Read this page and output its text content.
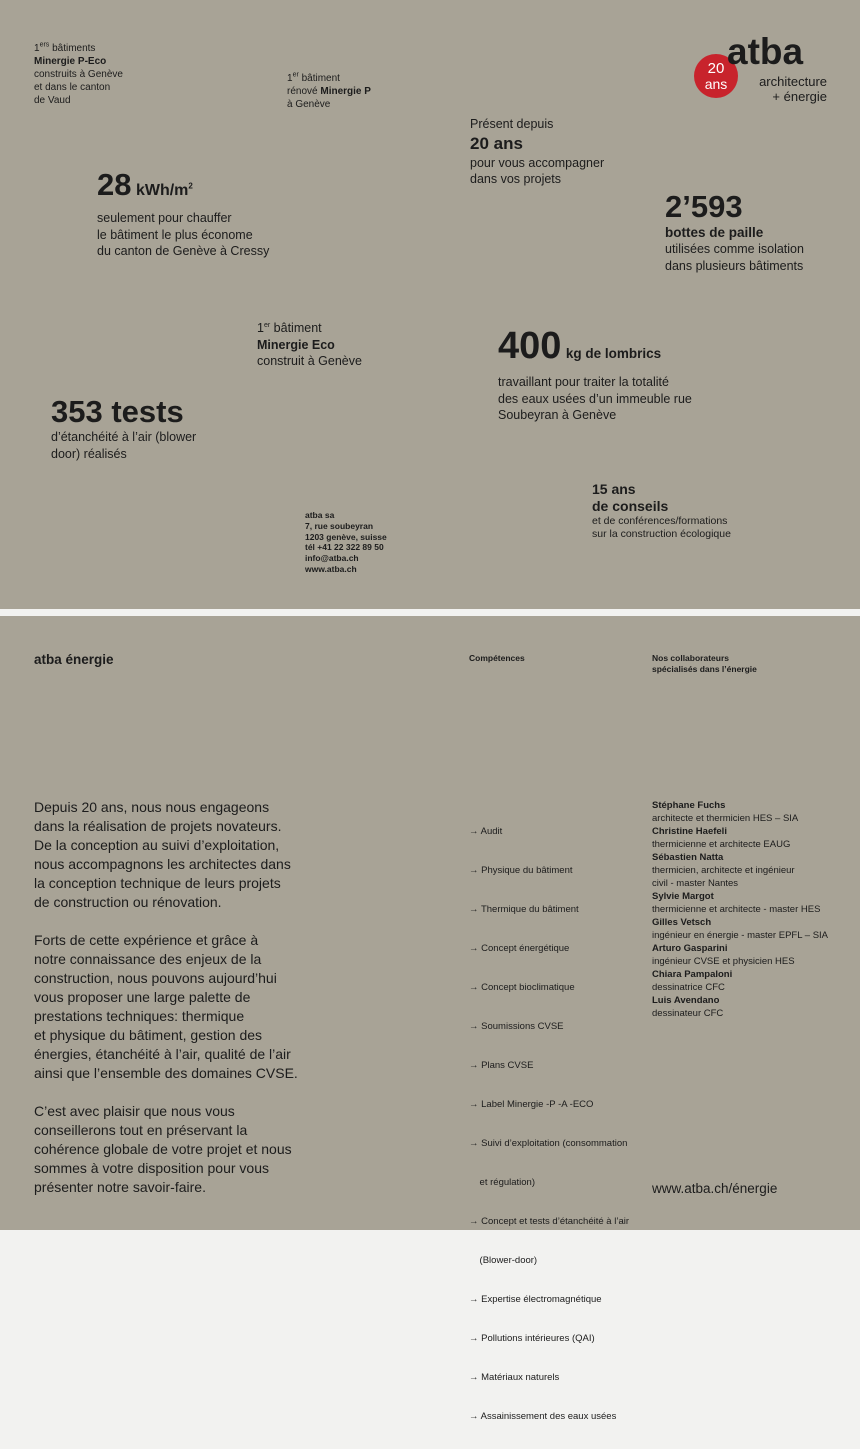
1ers bâtiments
Minergie P-Eco
construits à Genève
et dans le canton
de Vaud
1er bâtiment
rénové Minergie P
à Genève
20
ans
atba
architecture
+ énergie
Présent depuis
20 ans
pour vous accompagner
dans vos projets
28 kWh/$m^2$
seulement pour chauffer
le bâtiment le plus économe
du canton de Genève à Cressy
2’593
bottes de paille
utilisées comme isolation
dans plusieurs bâtiments
1er bâtiment
Minergie Eco
construit à Genève	400 kg de lombrics
travaillant pour traiter la totalité
des eaux usées d’un immeuble rue
Soubeyran à Genève
353 tests
d’étanchéité à l’air (blower
door) réalisés
atba sa
7, rue soubeyran
1203 genève, suisse
tél +41 22 322 89 50
info@atba.ch
www.atba.ch
15 ans
de conseils
et de conférences/formations
sur la construction écologique
atba énergie	Compétences	Nos collaborateurs
spécialisés dans l’énergie
Depuis 20 ans, nous nous engageons
dans la réalisation de projets novateurs.
De la conception au suivi d’exploitation,
nous accompagnons les architectes dans
la conception technique de leurs projets
de construction ou rénovation.
Forts de cette expérience et grâce à
notre connaissance des enjeux de la
construction, nous pouvons aujourd’hui
vous proposer une large palette de
prestations techniques: thermique
et physique du bâtiment, gestion des
énergies, étanchéité à l’air, qualité de l’air
ainsi que l’ensemble des domaines CVSE.
C’est avec plaisir que nous vous
conseillerons tout en préservant la
cohérence globale de votre projet et nous
sommes à votre disposition pour vous
présenter notre savoir-faire.

→ Audit

→ Physique du bâtiment

→ Thermique du bâtiment

→ Concept énergétique

→ Concept bioclimatique

→ Soumissions CVSE

→ Plans CVSE

→ Label Minergie -P -A -ECO

→ Suivi d’exploitation (consommation

et régulation)

→ Concept et tests d’étanchéité à l’air

(Blower-door)

→ Expertise électromagnétique

→ Pollutions intérieures (QAI)

→ Matériaux naturels

→ Assainissement des eaux usées

Stéphane Fuchs
architecte et thermicien HES – SIA
Christine Haefeli
thermicienne et architecte EAUG
Sébastien Natta
thermicien, architecte et ingénieur
civil - master Nantes
Sylvie Margot
thermicienne et architecte - master HES
Gilles Vetsch
ingénieur en énergie - master EPFL – SIA
Arturo Gasparini
ingénieur CVSE et physicien HES
Chiara Pampaloni
dessinatrice CFC
Luis Avendano
dessinateur CFC
www.atba.ch/énergie
